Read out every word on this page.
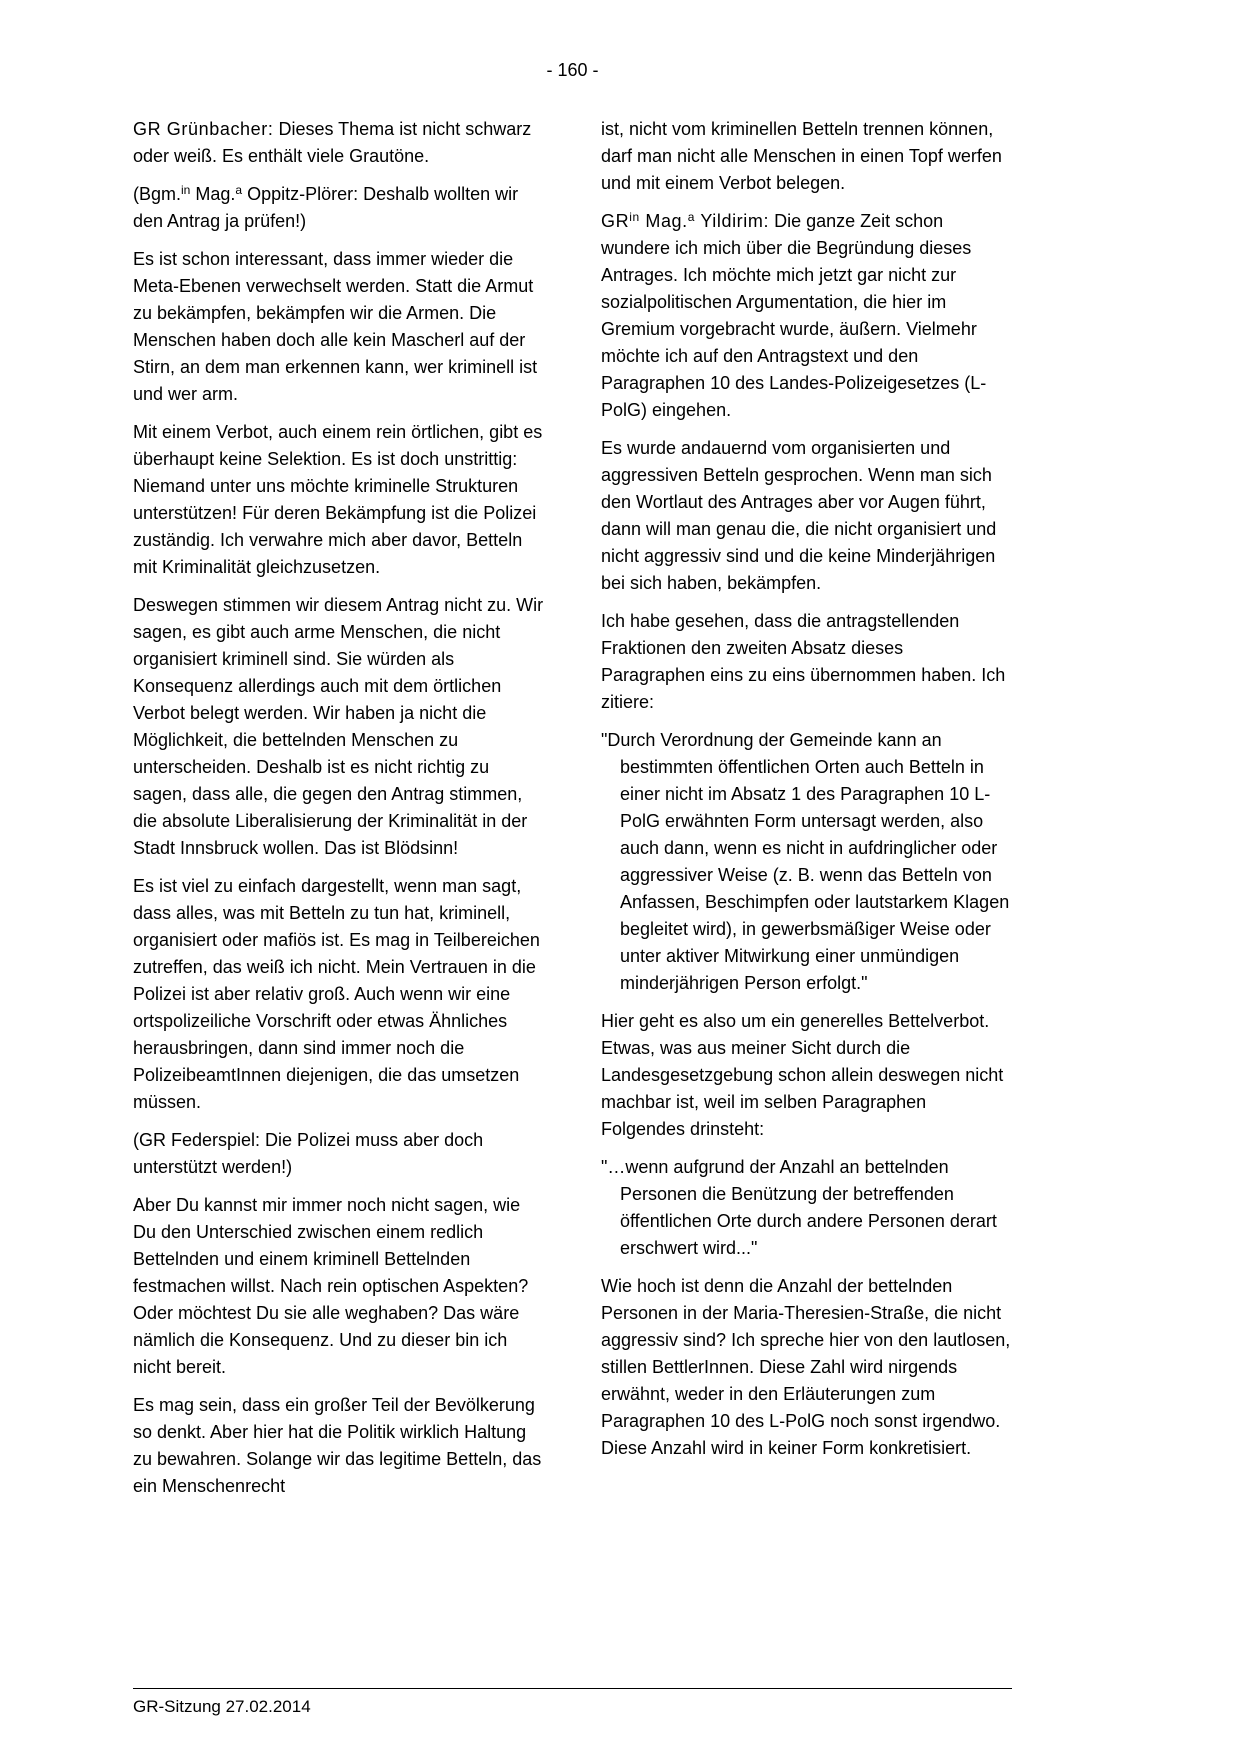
- 160 -

GR Grünbacher: Dieses Thema ist nicht schwarz oder weiß. Es enthält viele Grautöne.

(Bgm.$^{in}$ Mag.$^a$ Oppitz-Plörer: Deshalb wollten wir den Antrag ja prüfen!)

Es ist schon interessant, dass immer wieder die Meta-Ebenen verwechselt werden. Statt die Armut zu bekämpfen, bekämpfen wir die Armen. Die Menschen haben doch alle kein Mascherl auf der Stirn, an dem man erkennen kann, wer kriminell ist und wer arm.

Mit einem Verbot, auch einem rein örtlichen, gibt es überhaupt keine Selektion. Es ist doch unstrittig: Niemand unter uns möchte kriminelle Strukturen unterstützen! Für deren Bekämpfung ist die Polizei zuständig. Ich verwahre mich aber davor, Betteln mit Kriminalität gleichzusetzen.

Deswegen stimmen wir diesem Antrag nicht zu. Wir sagen, es gibt auch arme Menschen, die nicht organisiert kriminell sind. Sie würden als Konsequenz allerdings auch mit dem örtlichen Verbot belegt werden. Wir haben ja nicht die Möglichkeit, die bettelnden Menschen zu unterscheiden. Deshalb ist es nicht richtig zu sagen, dass alle, die gegen den Antrag stimmen, die absolute Liberalisierung der Kriminalität in der Stadt Innsbruck wollen. Das ist Blödsinn!

Es ist viel zu einfach dargestellt, wenn man sagt, dass alles, was mit Betteln zu tun hat, kriminell, organisiert oder mafiös ist. Es mag in Teilbereichen zutreffen, das weiß ich nicht. Mein Vertrauen in die Polizei ist aber relativ groß. Auch wenn wir eine ortspolizeiliche Vorschrift oder etwas Ähnliches herausbringen, dann sind immer noch die PolizeibeamtInnen diejenigen, die das umsetzen müssen.

(GR Federspiel: Die Polizei muss aber doch unterstützt werden!)

Aber Du kannst mir immer noch nicht sagen, wie Du den Unterschied zwischen einem redlich Bettelnden und einem kriminell Bettelnden festmachen willst. Nach rein optischen Aspekten? Oder möchtest Du sie alle weghaben? Das wäre nämlich die Konsequenz. Und zu dieser bin ich nicht bereit.

Es mag sein, dass ein großer Teil der Bevölkerung so denkt. Aber hier hat die Politik wirklich Haltung zu bewahren. Solange wir das legitime Betteln, das ein Menschenrecht

ist, nicht vom kriminellen Betteln trennen können, darf man nicht alle Menschen in einen Topf werfen und mit einem Verbot belegen.

$GR^{in}$ Mag.$^a$ Yildirim: Die ganze Zeit schon wundere ich mich über die Begründung dieses Antrages. Ich möchte mich jetzt gar nicht zur sozialpolitischen Argumentation, die hier im Gremium vorgebracht wurde, äußern. Vielmehr möchte ich auf den Antragstext und den Paragraphen 10 des Landes-Polizeigesetzes (L-PolG) eingehen.

Es wurde andauernd vom organisierten und aggressiven Betteln gesprochen. Wenn man sich den Wortlaut des Antrages aber vor Augen führt, dann will man genau die, die nicht organisiert und nicht aggressiv sind und die keine Minderjährigen bei sich haben, bekämpfen.

Ich habe gesehen, dass die antragstellenden Fraktionen den zweiten Absatz dieses Paragraphen eins zu eins übernommen haben. Ich zitiere:

"Durch Verordnung der Gemeinde kann an bestimmten öffentlichen Orten auch Betteln in einer nicht im Absatz 1 des Paragraphen 10 L-PolG erwähnten Form untersagt werden, also auch dann, wenn es nicht in aufdringlicher oder aggressiver Weise (z. B. wenn das Betteln von Anfassen, Beschimpfen oder lautstarkem Klagen begleitet wird), in gewerbsmäßiger Weise oder unter aktiver Mitwirkung einer unmündigen minderjährigen Person erfolgt."

Hier geht es also um ein generelles Bettelverbot. Etwas, was aus meiner Sicht durch die Landesgesetzgebung schon allein deswegen nicht machbar ist, weil im selben Paragraphen Folgendes drinsteht:

"…wenn aufgrund der Anzahl an bettelnden Personen die Benützung der betreffenden öffentlichen Orte durch andere Personen derart erschwert wird..."

Wie hoch ist denn die Anzahl der bettelnden Personen in der Maria-Theresien-Straße, die nicht aggressiv sind? Ich spreche hier von den lautlosen, stillen BettlerInnen. Diese Zahl wird nirgends erwähnt, weder in den Erläuterungen zum Paragraphen 10 des L-PolG noch sonst irgendwo. Diese Anzahl wird in keiner Form konkretisiert.

GR-Sitzung 27.02.2014
